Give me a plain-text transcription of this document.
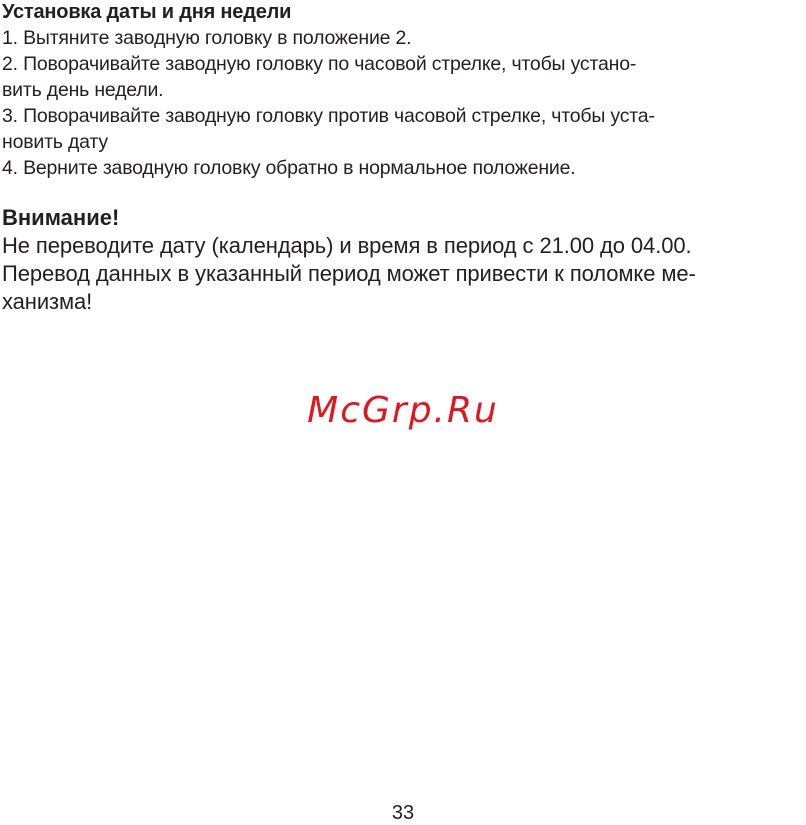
Установка даты и дня недели

1. Вытяните заводную головку в положение 2.

2. Поворачивайте заводную головку по часовой стрелке, чтобы устано-

вить день недели.

3. Поворачивайте заводную головку против часовой стрелке, чтобы уста-

новить дату

4. Верните заводную головку обратно в нормальное положение.

Внимание!

Не переводите дату (календарь) и время в период с 21.00 до 04.00.

Перевод данных в указанный период может привести к поломке ме-

ханизма!

McGrp.Ru
33
